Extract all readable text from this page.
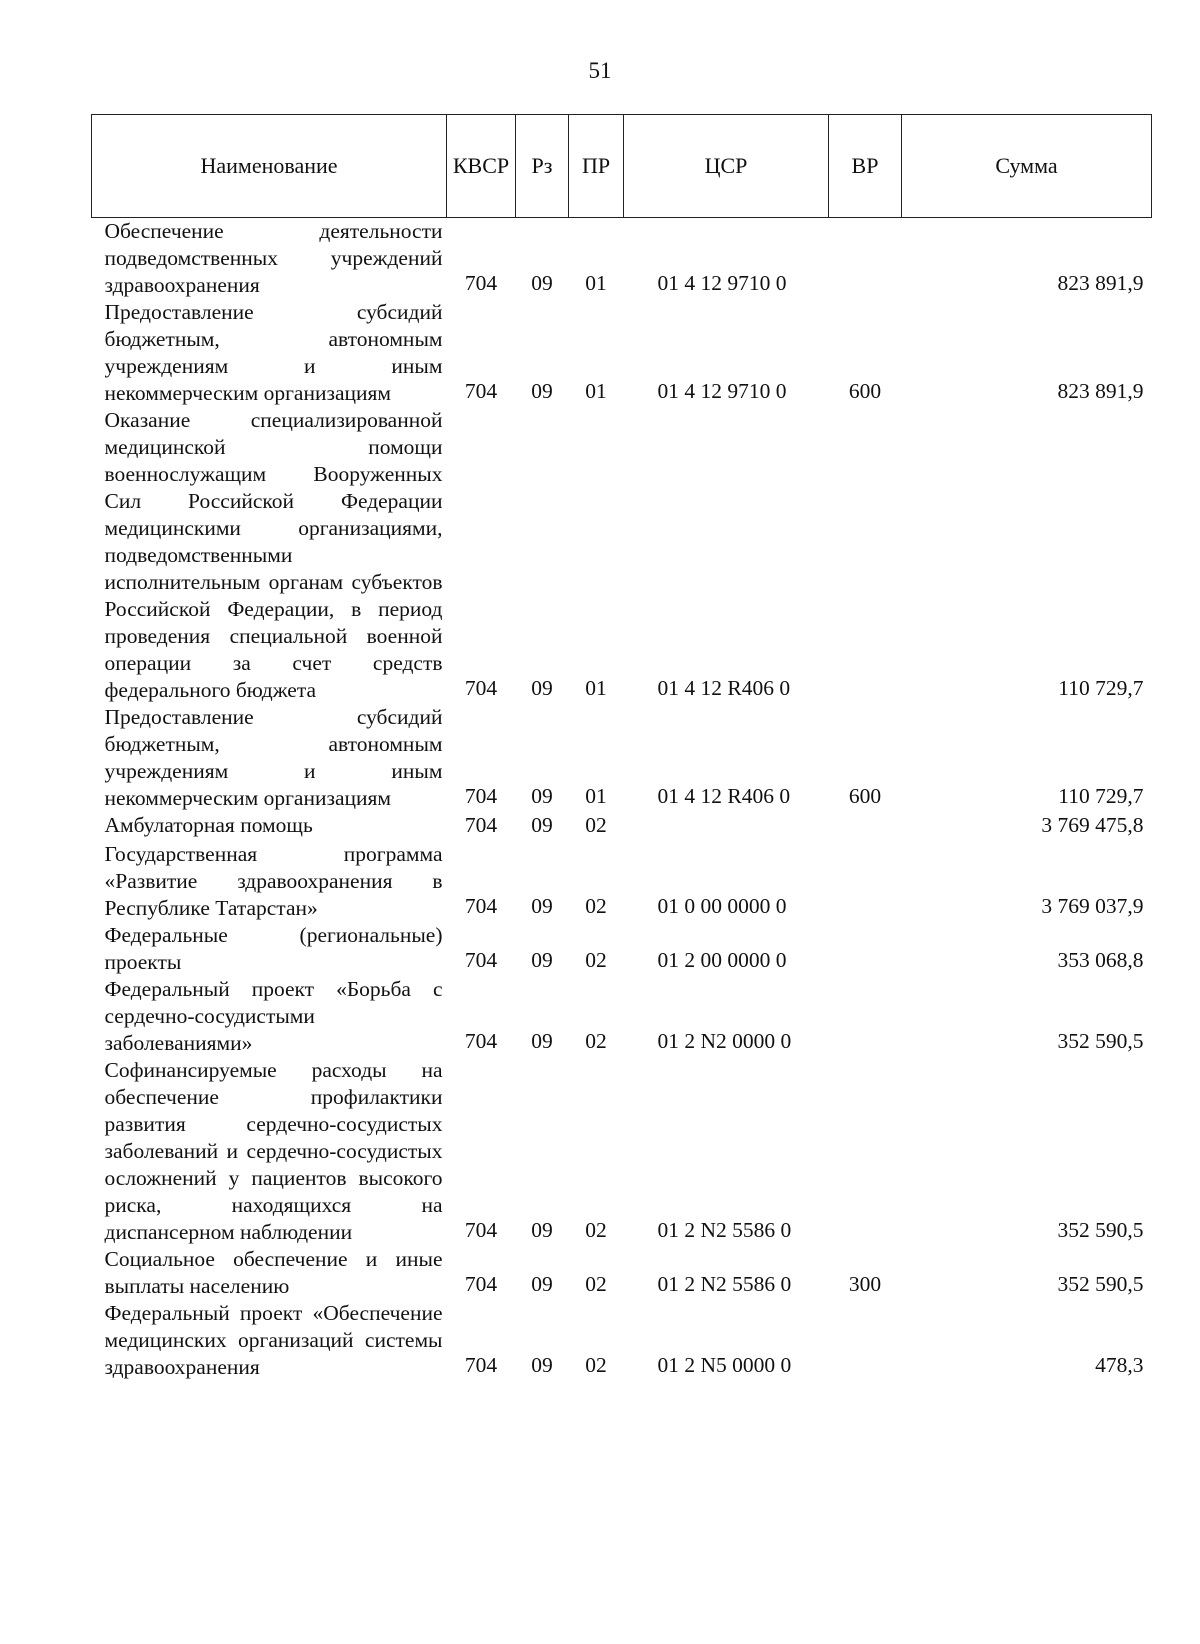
51
Наименование	КВСР	Рз	ПР	ЦСР	ВР	Сумма
Обеспечение деятельности подведомственных учреждений здравоохранения	704	09	01	01 4 12 9710 0		823 891,9
Предоставление субсидий бюджетным, автономным учреждениям и иным некоммерческим организациям	704	09	01	01 4 12 9710 0	600	823 891,9
Оказание специализированной медицинской помощи военнослужащим Вооруженных Сил Российской Федерации медицинскими организациями, подведомственными исполнительным органам субъектов Российской Федерации, в период проведения специальной военной операции за счет средств федерального бюджета	704	09	01	01 4 12 R406 0		110 729,7
Предоставление субсидий бюджетным, автономным учреждениям и иным некоммерческим организациям	704	09	01	01 4 12 R406 0	600	110 729,7
Амбулаторная помощь	704	09	02			3 769 475,8
Государственная программа «Развитие здравоохранения в Республике Татарстан»	704	09	02	01 0 00 0000 0		3 769 037,9
Федеральные (региональные) проекты	704	09	02	01 2 00 0000 0		353 068,8
Федеральный проект «Борьба с сердечно-сосудистыми заболеваниями»	704	09	02	01 2 N2 0000 0		352 590,5
Софинансируемые расходы на обеспечение профилактики развития сердечно-сосудистых заболеваний и сердечно-сосудистых осложнений у пациентов высокого риска, находящихся на диспансерном наблюдении	704	09	02	01 2 N2 5586 0		352 590,5
Социальное обеспечение и иные выплаты населению	704	09	02	01 2 N2 5586 0	300	352 590,5
Федеральный проект «Обеспечение медицинских организаций системы здравоохранения	704	09	02	01 2 N5 0000 0		478,3
